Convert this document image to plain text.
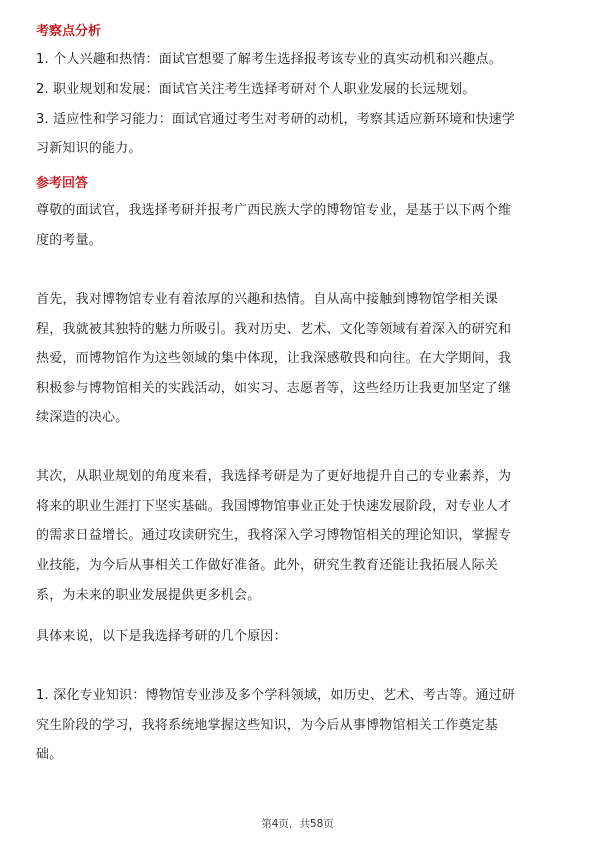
考察点分析

1. 个人兴趣和热情：面试官想要了解考生选择报考该专业的真实动机和兴趣点。

2. 职业规划和发展：面试官关注考生选择考研对个人职业发展的长远规划。

3. 适应性和学习能力：面试官通过考生对考研的动机，考察其适应新环境和快速学

习新知识的能力。

参考回答

尊敬的面试官，我选择考研并报考广西民族大学的博物馆专业，是基于以下两个维

度的考量。

首先，我对博物馆专业有着浓厚的兴趣和热情。自从高中接触到博物馆学相关课

程，我就被其独特的魅力所吸引。我对历史、艺术、文化等领域有着深入的研究和

热爱，而博物馆作为这些领域的集中体现，让我深感敬畏和向往。在大学期间，我

积极参与博物馆相关的实践活动，如实习、志愿者等，这些经历让我更加坚定了继

续深造的决心。

其次，从职业规划的角度来看，我选择考研是为了更好地提升自己的专业素养，为

将来的职业生涯打下坚实基础。我国博物馆事业正处于快速发展阶段，对专业人才

的需求日益增长。通过攻读研究生，我将深入学习博物馆相关的理论知识，掌握专

业技能，为今后从事相关工作做好准备。此外，研究生教育还能让我拓展人际关

系，为未来的职业发展提供更多机会。

具体来说，以下是我选择考研的几个原因：

1. 深化专业知识：博物馆专业涉及多个学科领域，如历史、艺术、考古等。通过研

究生阶段的学习，我将系统地掌握这些知识，为今后从事博物馆相关工作奠定基

础。

第4页，共58页
